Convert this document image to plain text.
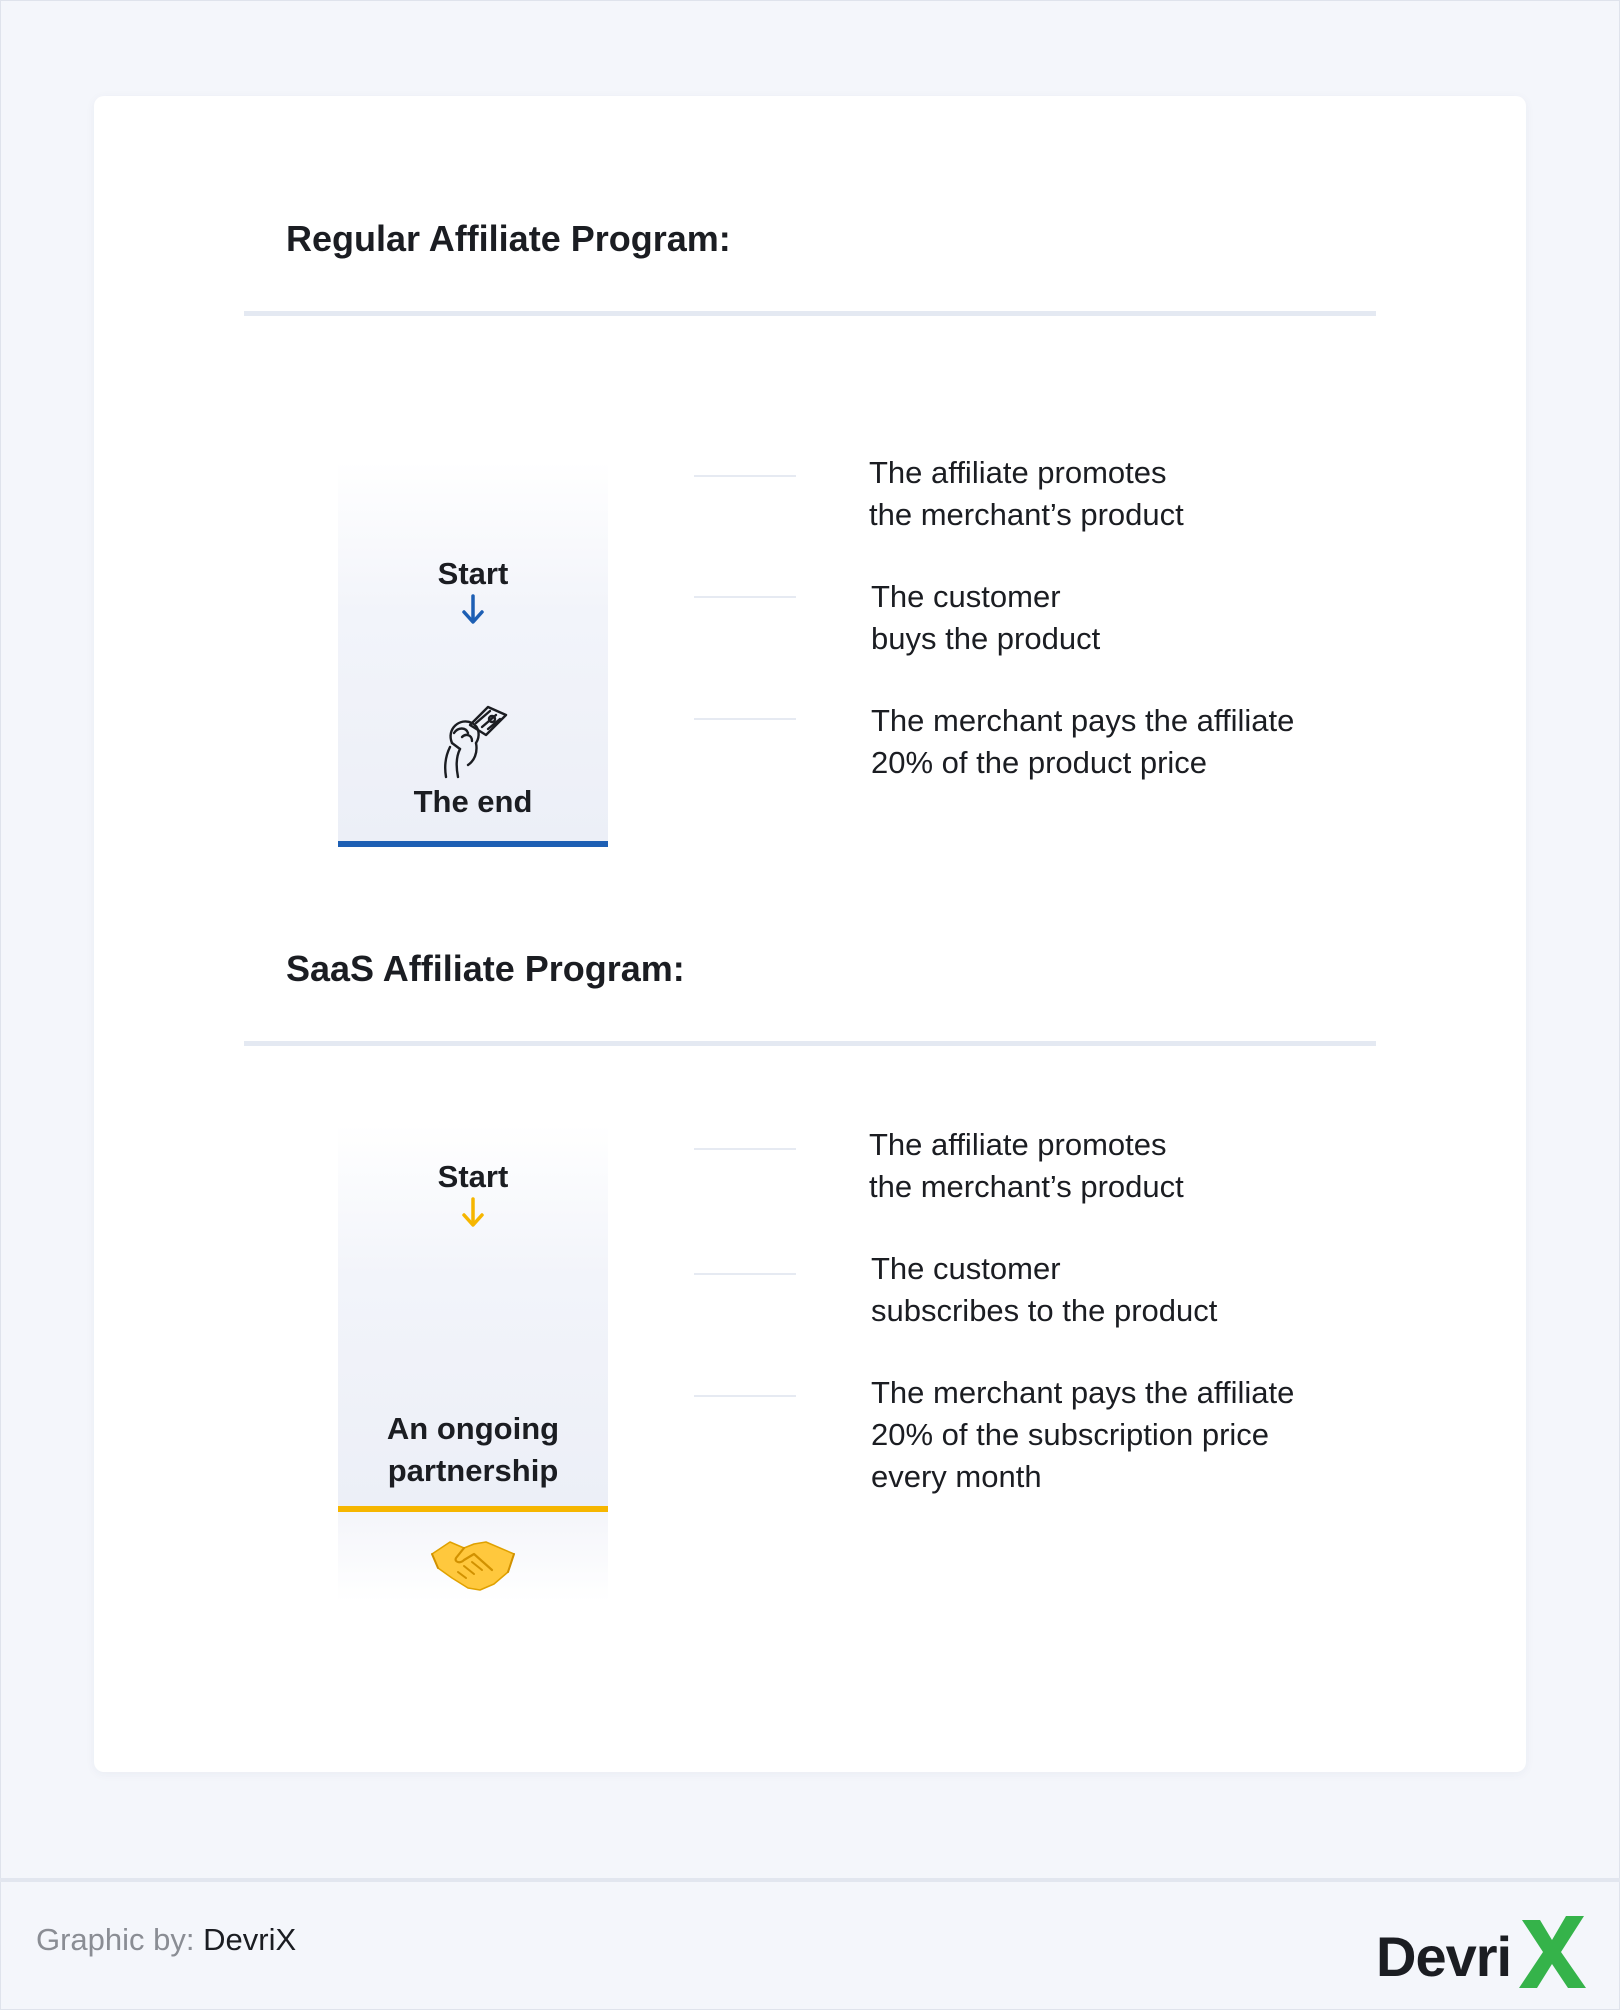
Regular Affiliate Program:
Start
The end

The affiliate promotes
the merchant’s product

The customer
buys the product

The merchant pays the affiliate
20% of the product price

SaaS Affiliate Program:
Start
An ongoing
partnership

The affiliate promotes
the merchant’s product

The customer
subscribes to the product

The merchant pays the affiliate
20% of the subscription price
every month

Graphic by: DevriX	Devri
